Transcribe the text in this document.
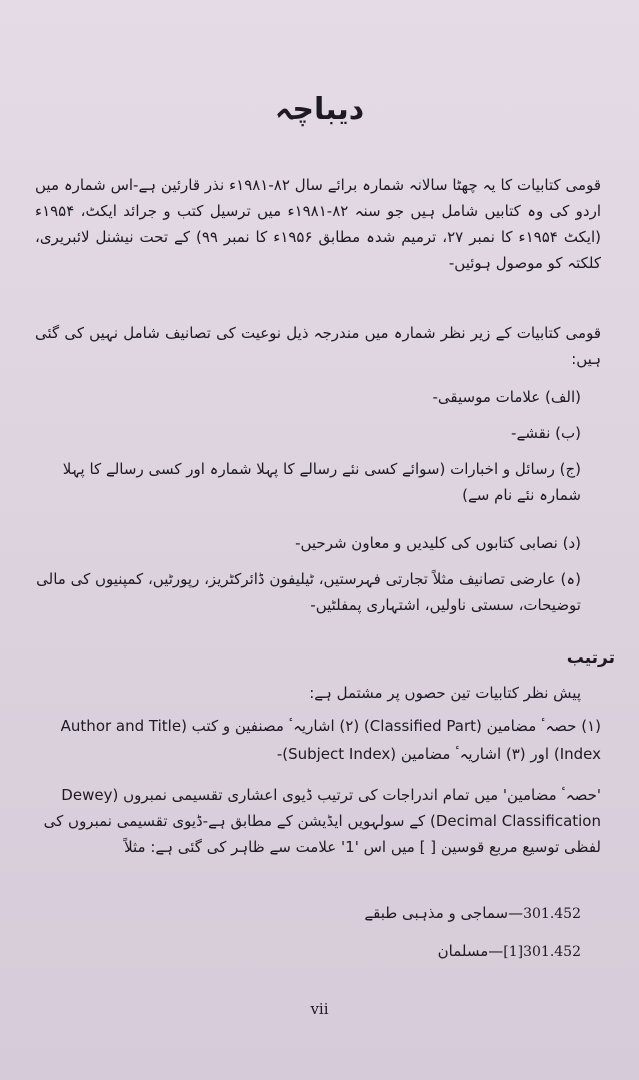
دیباچہ
قومی کتابیات کا یہ چھٹا سالانہ شمارہ برائے سال ۸۲-۱۹۸۱ء نذر قارئین ہے-اس شمارہ میں اردو کی وہ کتابیں شامل ہیں جو سنہ ۸۲-۱۹۸۱ء میں ترسیل کتب و جرائد ایکٹ، ۱۹۵۴ء (ایکٹ ۱۹۵۴ء کا نمبر ۲۷، ترمیم شدہ مطابق ۱۹۵۶ء کا نمبر ۹۹) کے تحت نیشنل لائبریری، کلکتہ کو موصول ہوئیں-
قومی کتابیات کے زیر نظر شمارہ میں مندرجہ ذیل نوعیت کی تصانیف شامل نہیں کی گئی ہیں:
(الف) علامات موسیقی-
(ب) نقشے-
(ج) رسائل و اخبارات (سوائے کسی نئے رسالے کا پہلا شمارہ اور کسی رسالے کا پہلا شمارہ نئے نام سے)
(د) نصابی کتابوں کی کلیدیں و معاون شرحیں-
(ہ) عارضی تصانیف مثلاً تجارتی فہرستیں، ٹیلیفون ڈائرکٹریز، رپورٹیں، کمپنیوں کی مالی توضیحات، سستی ناولیں، اشتہاری پمفلٹیں-
ترتیب
پیش نظر کتابیات تین حصوں پر مشتمل ہے:
(۱) حصہٴ مضامین (Classified Part) (۲) اشاریہٴ مصنفین و کتب (Author and Title Index) اور (۳) اشاریہٴ مضامین (Subject Index)-
'حصہٴ مضامین' میں تمام اندراجات کی ترتیب ڈیوی اعشاری تقسیمی نمبروں (Dewey Decimal Classification) کے سولہویں ایڈیشن کے مطابق ہے-ڈیوی تقسیمی نمبروں کی لفظی توسیع مربع قوسین [ ] میں اس '1' علامت سے ظاہر کی گئی ہے: مثلاً
301.452—سماجی و مذہبی طبقے
[1]301.452—مسلمان
vii
